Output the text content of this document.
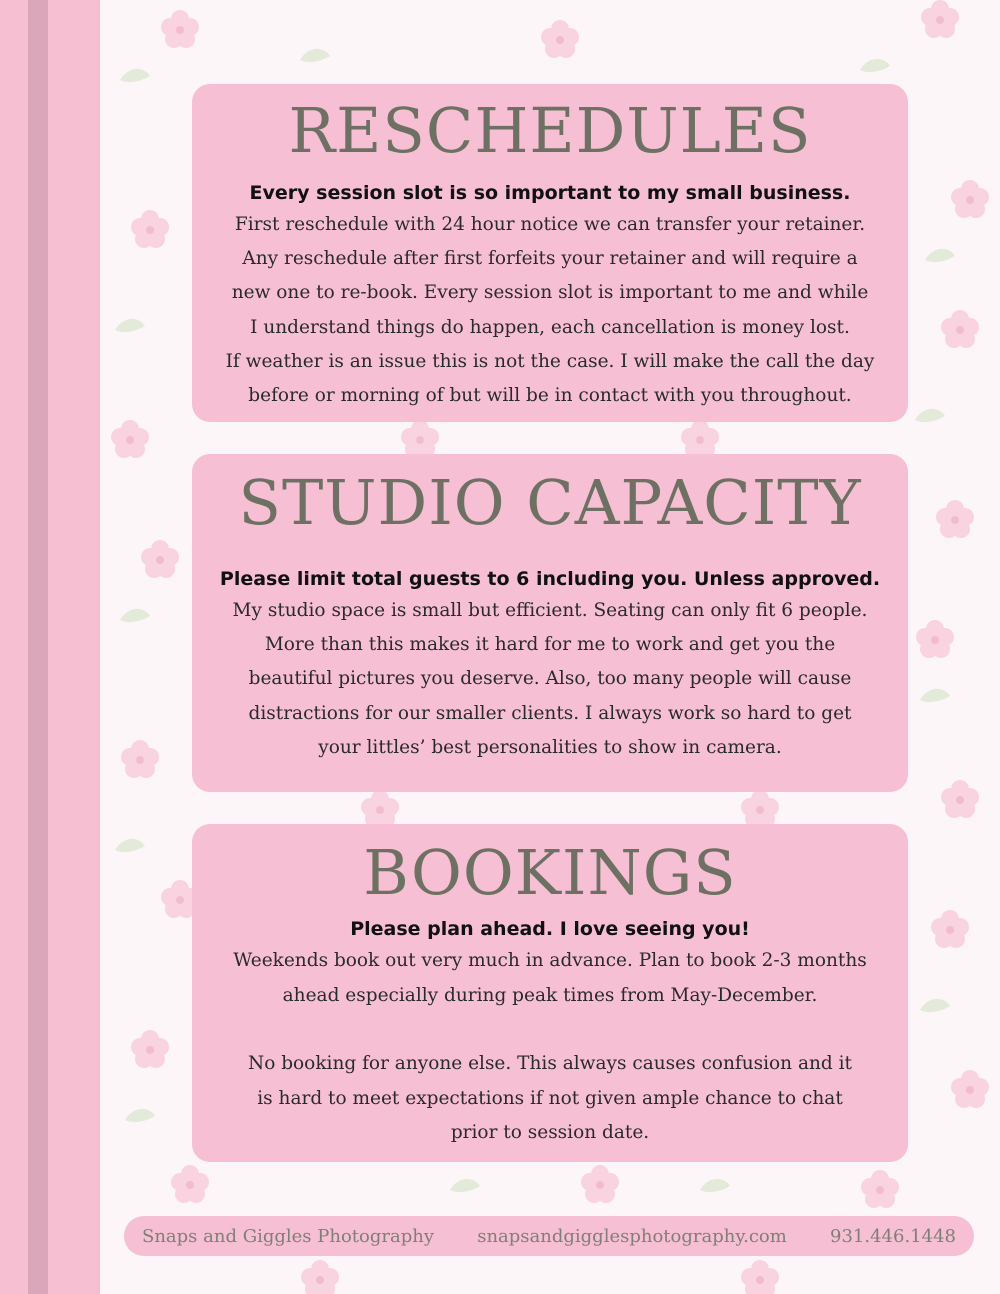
RESCHEDULES

Every session slot is so important to my small business.

First reschedule with 24 hour notice we can transfer your retainer.

Any reschedule after first forfeits your retainer and will require a

new one to re-book. Every session slot is important to me and while

I understand things do happen, each cancellation is money lost.

If weather is an issue this is not the case. I will make the call the day

before or morning of but will be in contact with you throughout.

STUDIO CAPACITY

Please limit total guests to 6 including you. Unless approved.

My studio space is small but efficient. Seating can only fit 6 people.

More than this makes it hard for me to work and get you the

beautiful pictures you deserve. Also, too many people will cause

distractions for our smaller clients. I always work so hard to get

your littles’ best personalities to show in camera.

BOOKINGS

Please plan ahead. I love seeing you!

Weekends book out very much in advance. Plan to book 2-3 months

ahead especially during peak times from May-December.

No booking for anyone else. This always causes confusion and it

is hard to meet expectations if not given ample chance to chat

prior to session date.

Snaps and Giggles Photography snapsandgigglesphotography.com 931.446.1448
